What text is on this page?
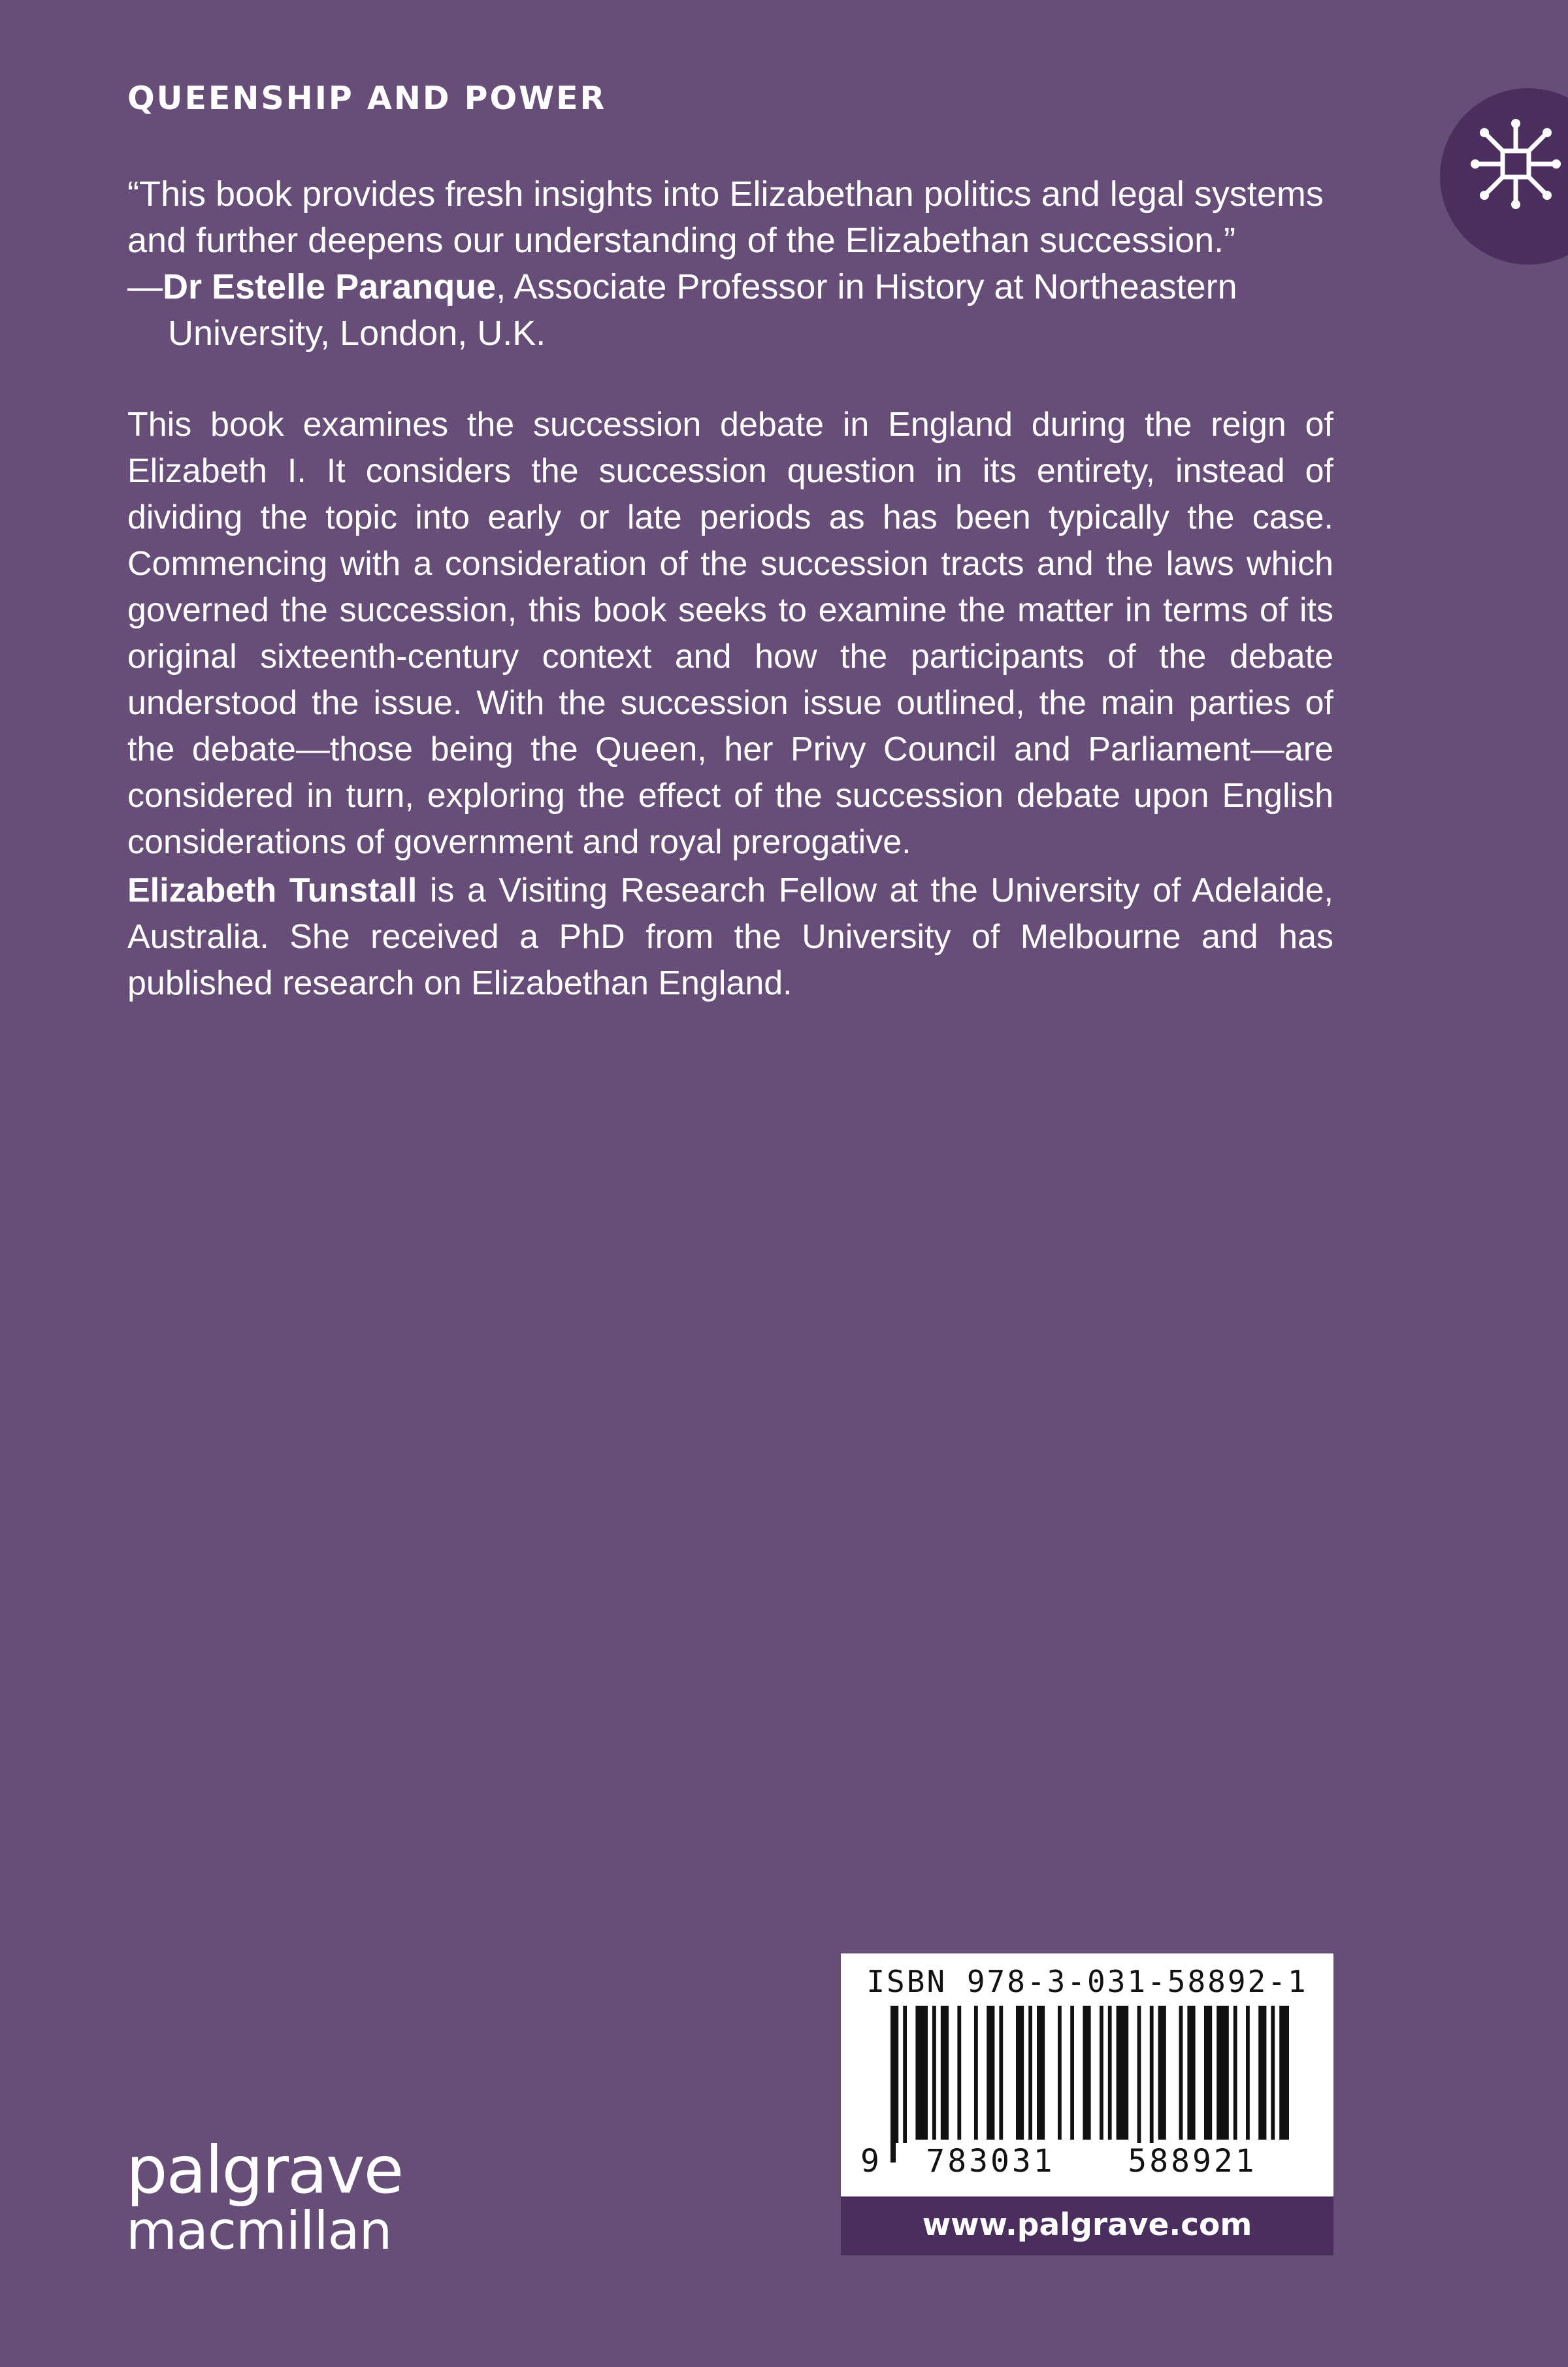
QUEENSHIP AND POWER

“This book provides fresh insights into Elizabethan politics and legal systems and further deepens our understanding of the Elizabethan succession.”

—Dr Estelle Paranque, Associate Professor in History at Northeastern University, London, U.K.

This book examines the succession debate in England during the reign of Elizabeth I. It considers the succession question in its entirety, instead of dividing the topic into early or late periods as has been typically the case. Commencing with a consideration of the succession tracts and the laws which governed the succession, this book seeks to examine the matter in terms of its original sixteenth-century context and how the participants of the debate understood the issue. With the succession issue outlined, the main parties of the debate—those being the Queen, her Privy Council and Parliament—are considered in turn, exploring the effect of the succession debate upon English considerations of government and royal prerogative.

Elizabeth Tunstall is a Visiting Research Fellow at the University of Adelaide, Australia. She received a PhD from the University of Melbourne and has published research on Elizabethan England.

palgrave
macmillan
ISBN 978-3-031-58892-1
9	783031	588921
www.palgrave.com
